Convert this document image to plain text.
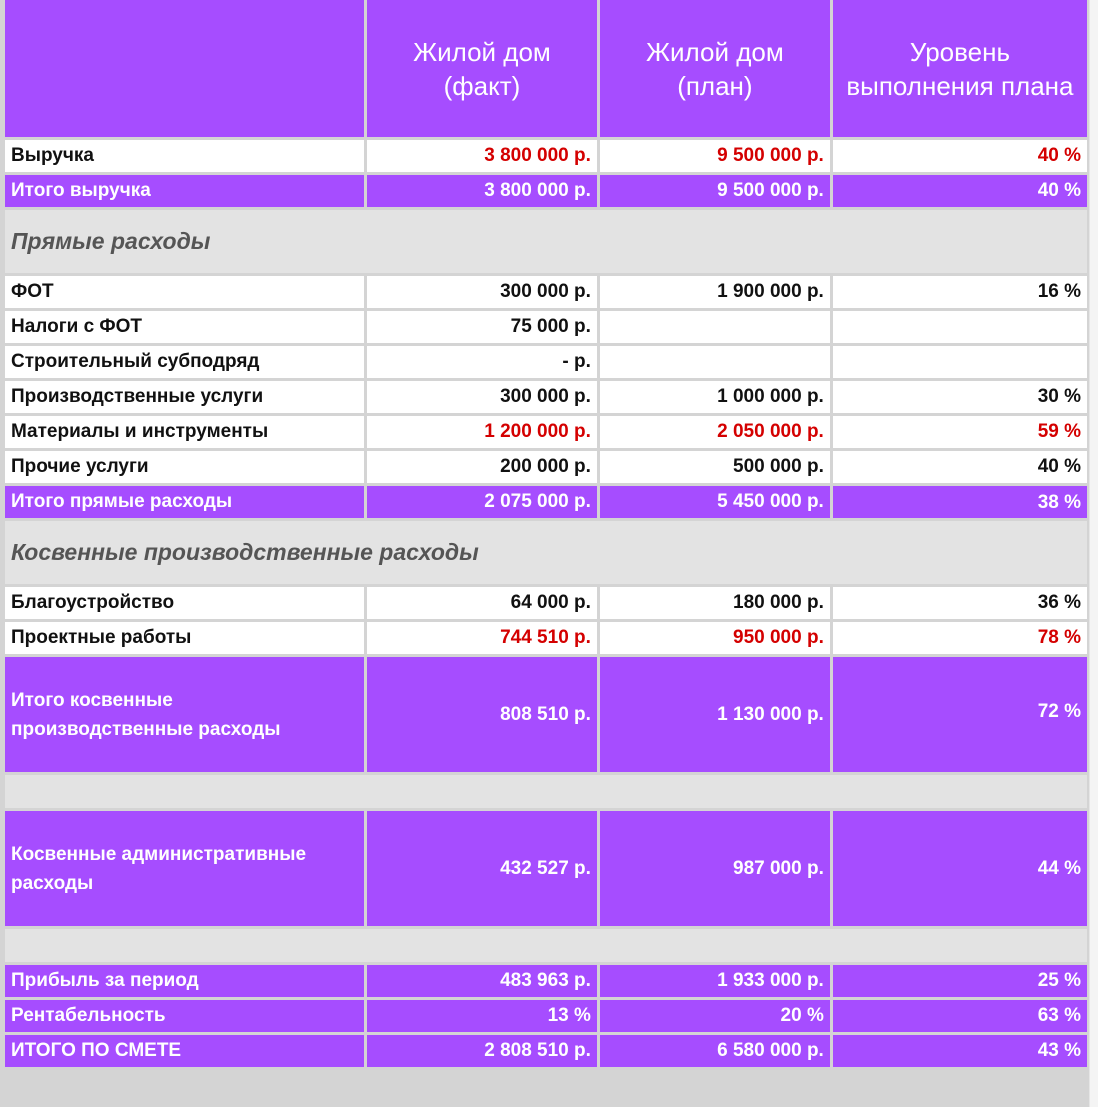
	Жилой дом (факт)	Жилой дом (план)	Уровень выполнения плана
Выручка	3 800 000 р.	9 500 000 р.	40 %
Итого выручка	3 800 000 р.	9 500 000 р.	40 %
Прямые расходы			
ФОТ	300 000 р.	1 900 000 р.	16 %
Налоги с ФОТ	75 000 р.		
Строительный субподряд	- р.		
Производственные услуги	300 000 р.	1 000 000 р.	30 %
Материалы и инструменты	1 200 000 р.	2 050 000 р.	59 %
Прочие услуги	200 000 р.	500 000 р.	40 %
Итого прямые расходы	2 075 000 р.	5 450 000 р.	38 %
Косвенные производственные расходы			
Благоустройство	64 000 р.	180 000 р.	36 %
Проектные работы	744 510 р.	950 000 р.	78 %
Итого косвенные производственные расходы	808 510 р.	1 130 000 р.	72 %

Косвенные административные расходы	432 527 р.	987 000 р.	44 %

Прибыль за период	483 963 р.	1 933 000 р.	25 %
Рентабельность	13 %	20 %	63 %
ИТОГО ПО СМЕТЕ	2 808 510 р.	6 580 000 р.	43 %
